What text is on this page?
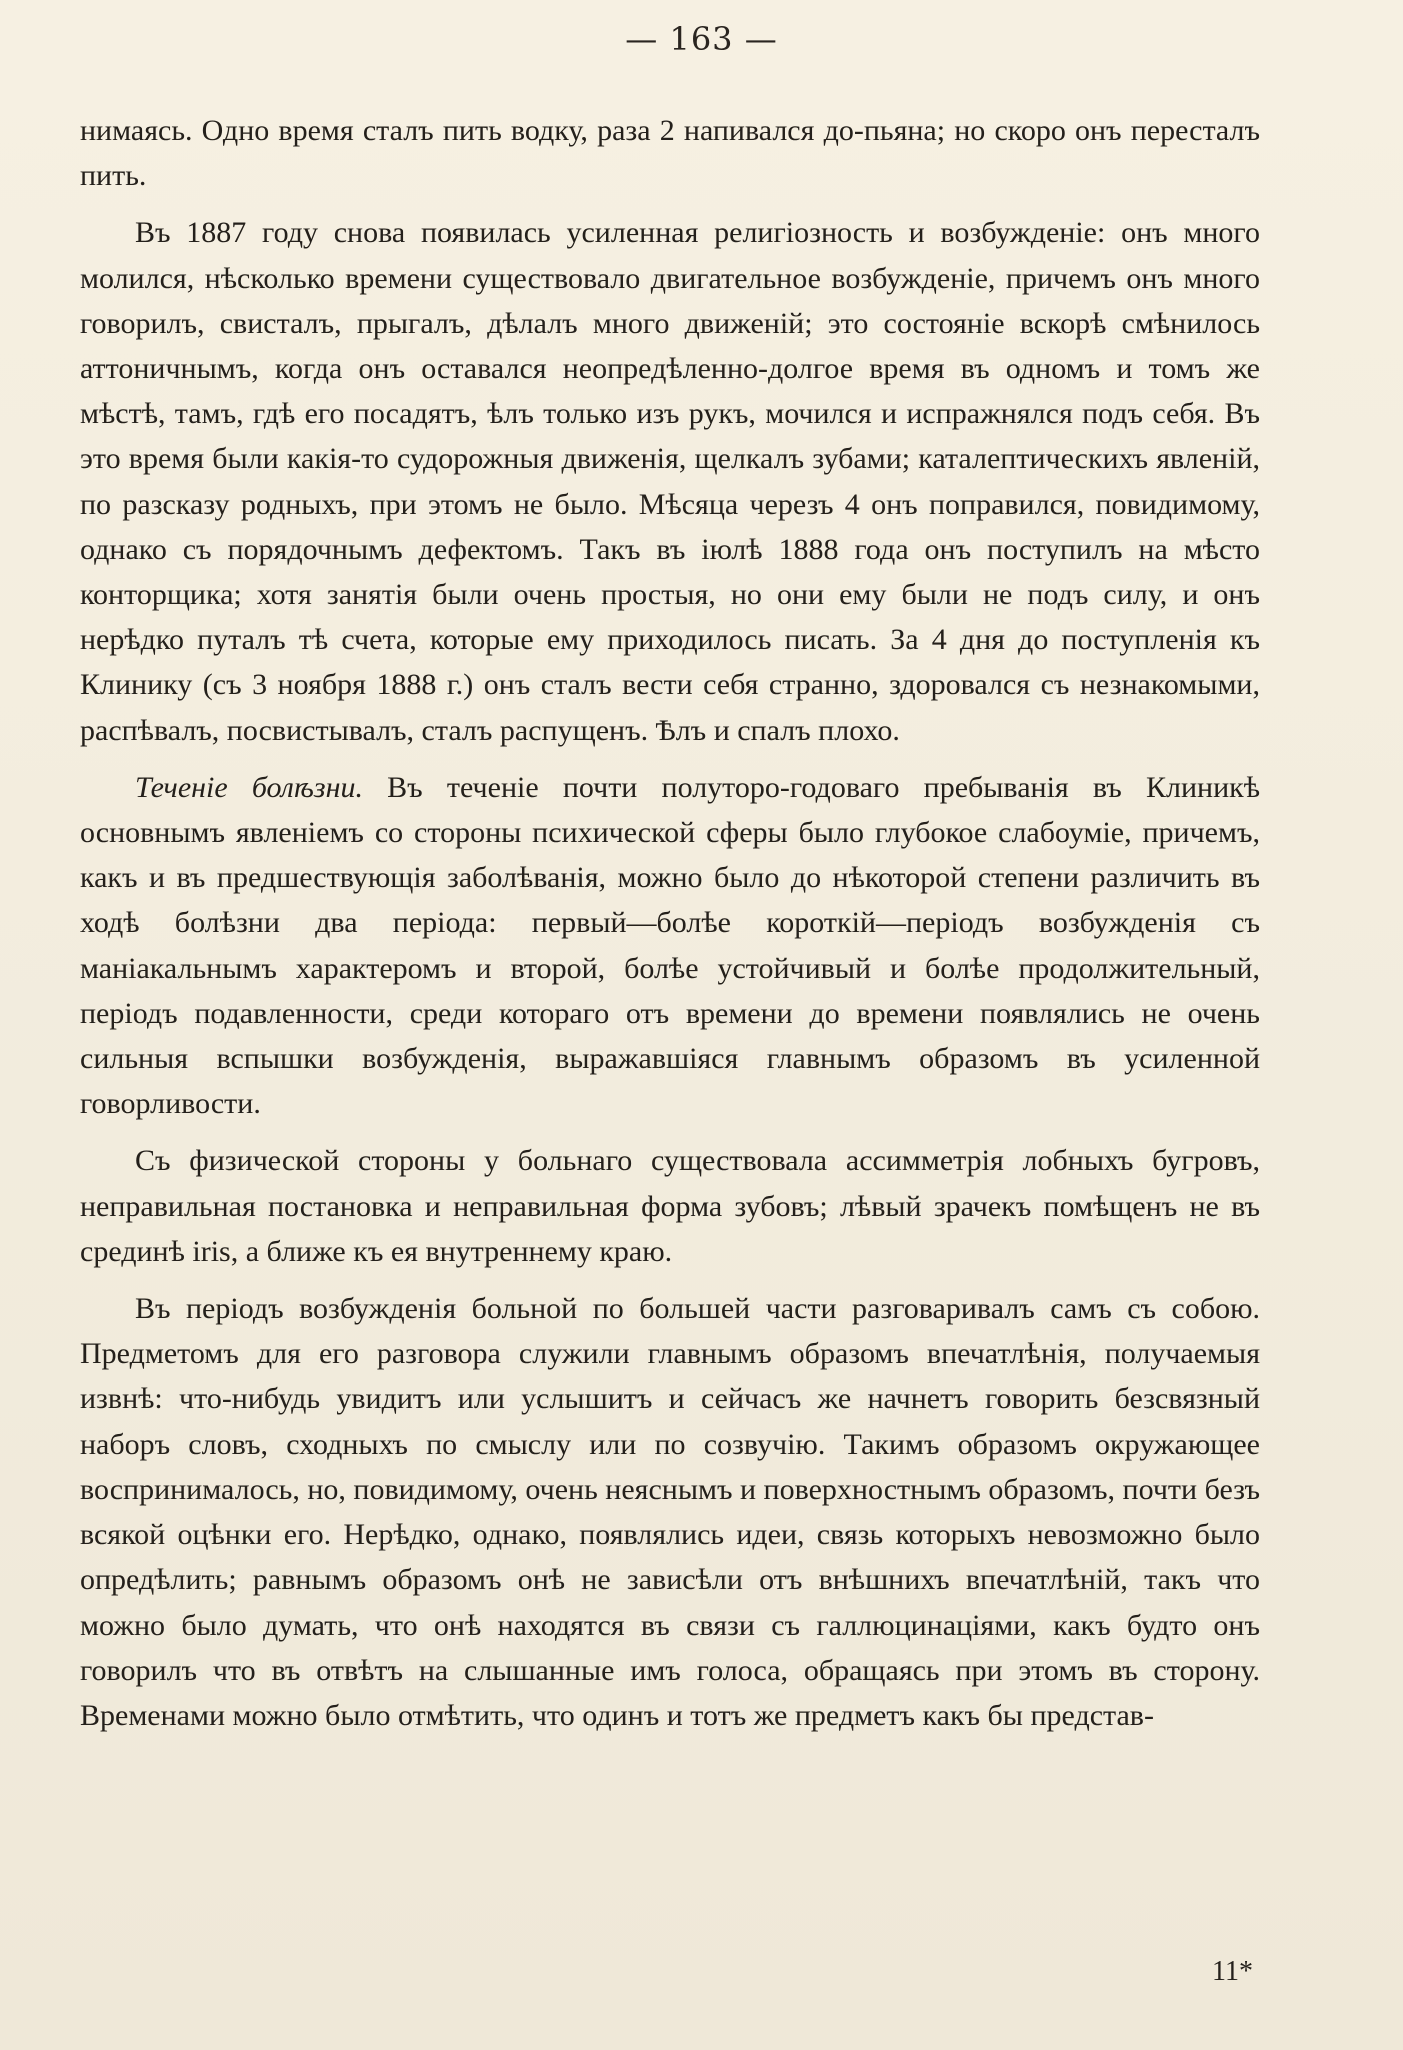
— 163 —

нимаясь. Одно время сталъ пить водку, раза 2 напивался до-пьяна; но скоро онъ пересталъ пить.

Въ 1887 году снова появилась усиленная религіозность и возбужденіе: онъ много молился, нѣсколько времени существовало двигательное возбужденіе, причемъ онъ много говорилъ, свисталъ, прыгалъ, дѣлалъ много движеній; это состояніе вскорѣ смѣнилось аттоничнымъ, когда онъ оставался неопредѣленно-долгое время въ одномъ и томъ же мѣстѣ, тамъ, гдѣ его посадятъ, ѣлъ только изъ рукъ, мочился и испражнялся подъ себя. Въ это время были какія-то судорожныя движенія, щелкалъ зубами; каталептическихъ явленій, по разсказу родныхъ, при этомъ не было. Мѣсяца черезъ 4 онъ поправился, повидимому, однако съ порядочнымъ дефектомъ. Такъ въ іюлѣ 1888 года онъ поступилъ на мѣсто конторщика; хотя занятія были очень простыя, но они ему были не подъ силу, и онъ нерѣдко путалъ тѣ счета, которые ему приходилось писать. За 4 дня до поступленія къ Клинику (съ 3 ноября 1888 г.) онъ сталъ вести себя странно, здоровался съ незнакомыми, распѣвалъ, посвистывалъ, сталъ распущенъ. Ѣлъ и спалъ плохо.

Теченіе болѣзни. Въ теченіе почти полуторо-годоваго пребыванія въ Клиникѣ основнымъ явленіемъ со стороны психической сферы было глубокое слабоуміе, причемъ, какъ и въ предшествующія заболѣванія, можно было до нѣкоторой степени различить въ ходѣ болѣзни два періода: первый—болѣе короткій—періодъ возбужденія съ маніакальнымъ характеромъ и второй, болѣе устойчивый и болѣе продолжительный, періодъ подавленности, среди котораго отъ времени до времени появлялись не очень сильныя вспышки возбужденія, выражавшіяся главнымъ образомъ въ усиленной говорливости.

Съ физической стороны у больнаго существовала ассимметрія лобныхъ бугровъ, неправильная постановка и неправильная форма зубовъ; лѣвый зрачекъ помѣщенъ не въ срединѣ iris, а ближе къ ея внутреннему краю.

Въ періодъ возбужденія больной по большей части разговаривалъ самъ съ собою. Предметомъ для его разговора служили главнымъ образомъ впечатлѣнія, получаемыя извнѣ: что-нибудь увидитъ или услышитъ и сейчасъ же начнетъ говорить безсвязный наборъ словъ, сходныхъ по смыслу или по созвучію. Такимъ образомъ окружающее воспринималось, но, повидимому, очень неяснымъ и поверхностнымъ образомъ, почти безъ всякой оцѣнки его. Нерѣдко, однако, появлялись идеи, связь которыхъ невозможно было опредѣлить; равнымъ образомъ онѣ не зависѣли отъ внѣшнихъ впечатлѣній, такъ что можно было думать, что онѣ находятся въ связи съ галлюцинаціями, какъ будто онъ говорилъ что въ отвѣтъ на слышанные имъ голоса, обращаясь при этомъ въ сторону. Временами можно было отмѣтить, что одинъ и тотъ же предметъ какъ бы представ-

11*
